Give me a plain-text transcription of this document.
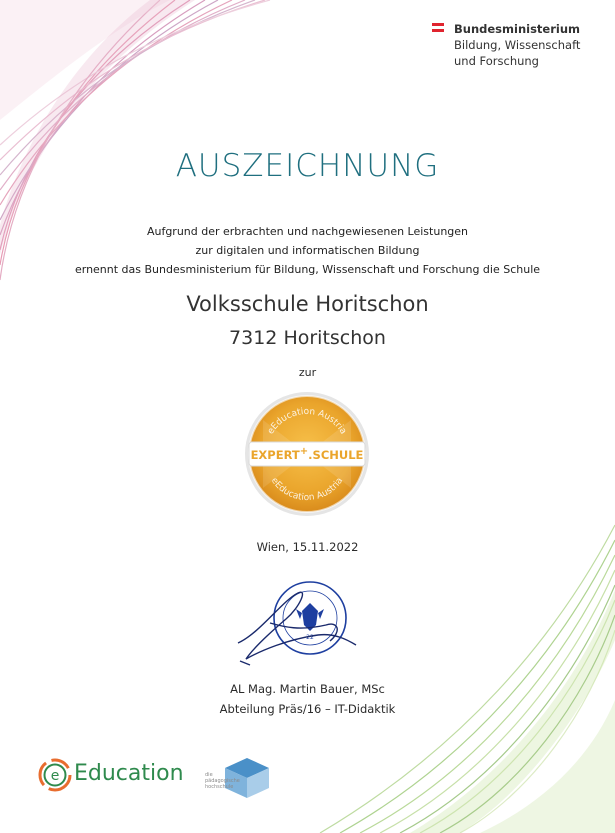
Bundesministerium
Bildung, Wissenschaft
und Forschung
AUSZEICHNUNG
Aufgrund der erbrachten und nachgewiesenen Leistungen
zur digitalen und informatischen Bildung
ernennt das Bundesministerium für Bildung, Wissenschaft und Forschung die Schule
Volksschule Horitschon
7312 Horitschon
zur
eEducation Austria
eEducation Austria
EXPERT+.SCHULE
Wien, 15.11.2022
22
AL Mag. Martin Bauer, MSc
Abteilung Präs/16 – IT-Didaktik
e Education	die pädagogische hochschule
